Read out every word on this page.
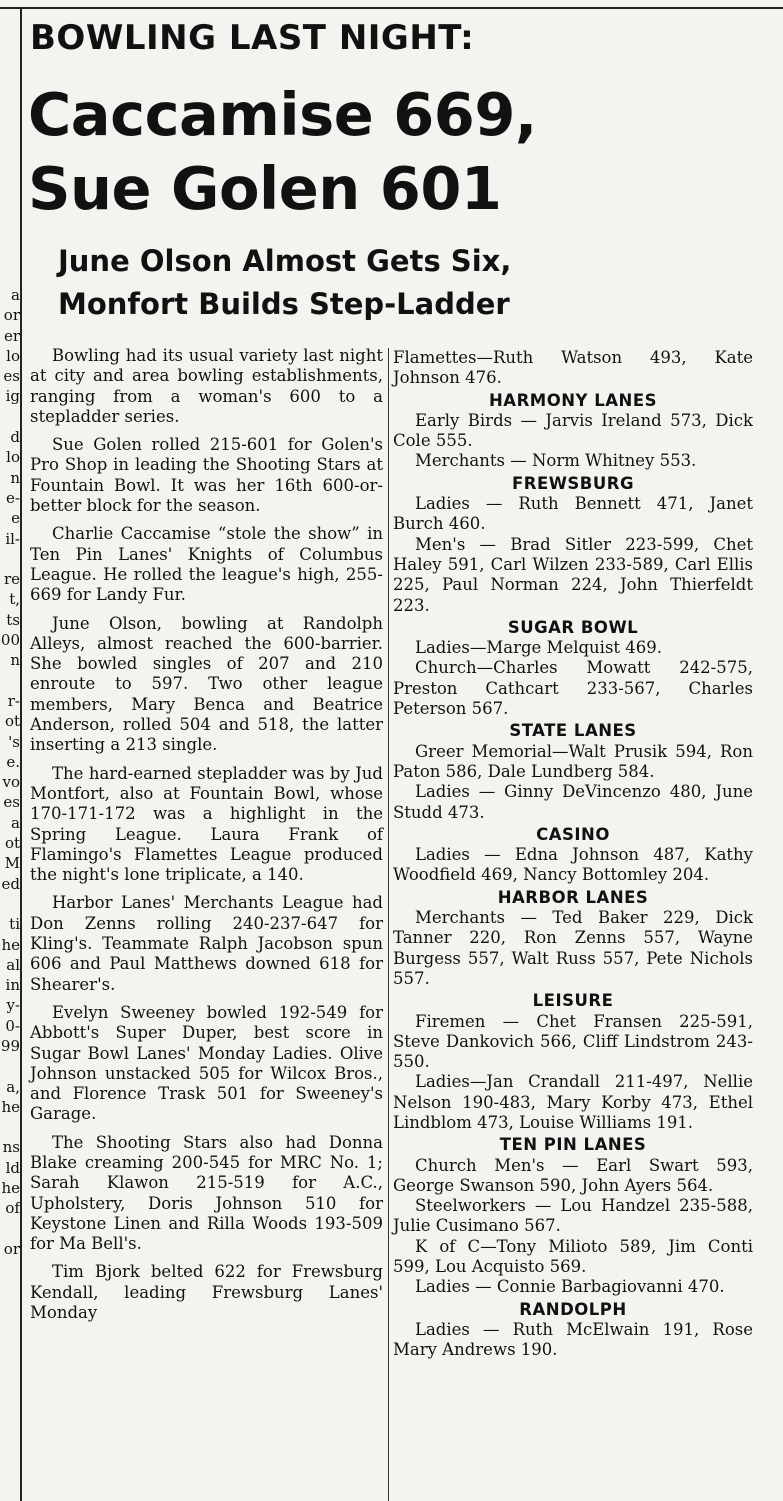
a
or
er
lo
es
ig
d
lo
n
e-
e
il-
re
t,
ts
00
n
r-
ot
's
e.
vo
es
a
ot
M
ed
ti
he
al
in
y-
0-
99
a,
he
ns
ld
he
of
or
BOWLING LAST NIGHT:
Caccamise 669,
Sue Golen 601
June Olson Almost Gets Six,
Monfort Builds Step-Ladder

Bowling had its usual variety last night at city and area bowling establishments, ranging from a woman's 600 to a stepladder series.

Sue Golen rolled 215-601 for Golen's Pro Shop in leading the Shooting Stars at Fountain Bowl. It was her 16th 600-or-better block for the season.

Charlie Caccamise “stole the show” in Ten Pin Lanes' Knights of Columbus League. He rolled the league's high, 255-669 for Landy Fur.

June Olson, bowling at Randolph Alleys, almost reached the 600-barrier. She bowled singles of 207 and 210 enroute to 597. Two other league members, Mary Benca and Beatrice Anderson, rolled 504 and 518, the latter inserting a 213 single.

The hard-earned stepladder was by Jud Montfort, also at Fountain Bowl, whose 170-171-172 was a highlight in the Spring League. Laura Frank of Flamingo's Flamettes League produced the night's lone triplicate, a 140.

Harbor Lanes' Merchants League had Don Zenns rolling 240-237-647 for Kling's. Teammate Ralph Jacobson spun 606 and Paul Matthews downed 618 for Shearer's.

Evelyn Sweeney bowled 192-549 for Abbott's Super Duper, best score in Sugar Bowl Lanes' Monday Ladies. Olive Johnson unstacked 505 for Wilcox Bros., and Florence Trask 501 for Sweeney's Garage.

The Shooting Stars also had Donna Blake creaming 200-545 for MRC No. 1; Sarah Klawon 215-519 for A.C., Upholstery, Doris Johnson 510 for Keystone Linen and Rilla Woods 193-509 for Ma Bell's.

Tim Bjork belted 622 for Frewsburg Kendall, leading Frewsburg Lanes' Monday

Flamettes—Ruth Watson 493, Kate Johnson 476.

HARMONY LANES

Early Birds — Jarvis Ireland 573, Dick Cole 555.

Merchants — Norm Whitney 553.

FREWSBURG

Ladies — Ruth Bennett 471, Janet Burch 460.

Men's — Brad Sitler 223-599, Chet Haley 591, Carl Wilzen 233-589, Carl Ellis 225, Paul Norman 224, John Thierfeldt 223.

SUGAR BOWL

Ladies—Marge Melquist 469.

Church—Charles Mowatt 242-575, Preston Cathcart 233-567, Charles Peterson 567.

STATE LANES

Greer Memorial—Walt Prusik 594, Ron Paton 586, Dale Lundberg 584.

Ladies — Ginny DeVincenzo 480, June Studd 473.

CASINO

Ladies — Edna Johnson 487, Kathy Woodfield 469, Nancy Bottomley 204.

HARBOR LANES

Merchants — Ted Baker 229, Dick Tanner 220, Ron Zenns 557, Wayne Burgess 557, Walt Russ 557, Pete Nichols 557.

LEISURE

Firemen — Chet Fransen 225-591, Steve Dankovich 566, Cliff Lindstrom 243-550.

Ladies—Jan Crandall 211-497, Nellie Nelson 190-483, Mary Korby 473, Ethel Lindblom 473, Louise Williams 191.

TEN PIN LANES

Church Men's — Earl Swart 593, George Swanson 590, John Ayers 564.

Steelworkers — Lou Handzel 235-588, Julie Cusimano 567.

K of C—Tony Milioto 589, Jim Conti 599, Lou Acquisto 569.

Ladies — Connie Barbagiovanni 470.

RANDOLPH

Ladies — Ruth McElwain 191, Rose Mary Andrews 190.
